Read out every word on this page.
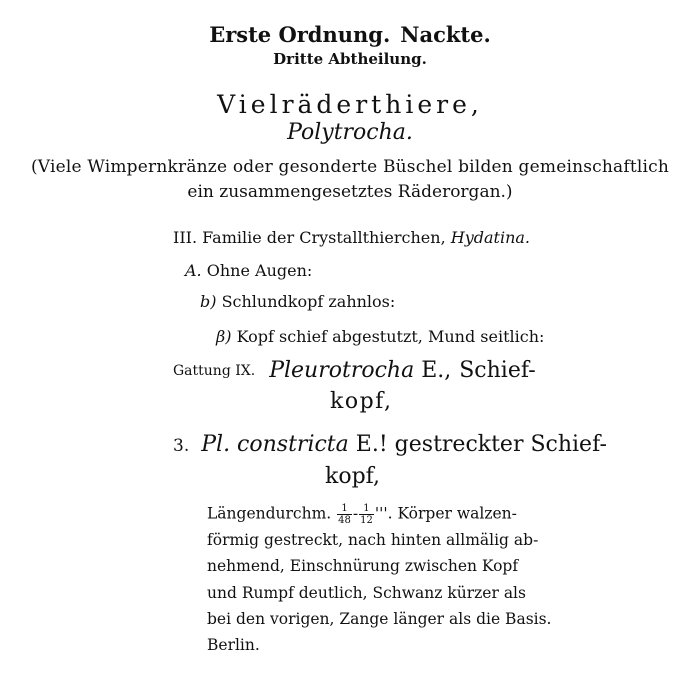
Erste Ordnung. Nackte.
Dritte Abtheilung.
Vielräderthiere,
Polytrocha.
(Viele Wimpernkränze oder gesonderte Büschel bilden gemeinschaftlich
ein zusammengesetztes Räderorgan.)
III. Familie der Crystallthierchen, Hydatina.
A. Ohne Augen:
b) Schlundkopf zahnlos:
β) Kopf schief abgestutzt, Mund seitlich:
Gattung IX. Pleurotrocha E., Schief-
kopf,
3. Pl. constricta E.! gestreckter Schief-
kopf,
Längendurchm. $\frac{1}{48} - \frac{1}{12}$ '''. Körper walzen-
förmig gestreckt, nach hinten allmälig ab-
nehmend, Einschnürung zwischen Kopf
und Rumpf deutlich, Schwanz kürzer als
bei den vorigen, Zange länger als die Basis.
Berlin.
